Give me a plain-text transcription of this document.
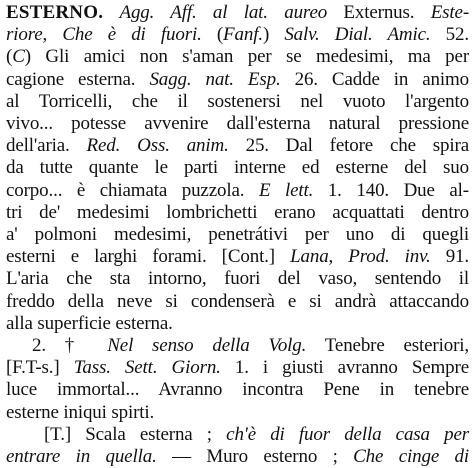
ESTERNO. Agg. Aff. al lat. aureo Externus. Este-
riore, Che è di fuori. (Fanf.) Salv. Dial. Amic. 52.
(C) Gli amici non s'aman per se medesimi, ma per
cagione esterna. Sagg. nat. Esp. 26. Cadde in animo
al Torricelli, che il sostenersi nel vuoto l'argento
vivo... potesse avvenire dall'esterna natural pressione
dell'aria. Red. Oss. anim. 25. Dal fetore che spira
da tutte quante le parti interne ed esterne del suo
corpo... è chiamata puzzola. E lett. 1. 140. Due al-
tri de' medesimi lombrichetti erano acquattati dentro
a' polmoni medesimi, penetrátivi per uno di quegli
esterni e larghi forami. [Cont.] Lana, Prod. inv. 91.
L'aria che sta intorno, fuori del vaso, sentendo il
freddo della neve si condenserà e si andrà attaccando
alla superficie esterna.
2. † Nel senso della Volg. Tenebre esteriori,
[F.T-s.] Tass. Sett. Giorn. 1. i giusti avranno Sempre
luce immortal... Avranno incontra Pene in tenebre
esterne iniqui spirti.
[T.] Scala esterna ; ch'è di fuor della casa per
entrare in quella. — Muro esterno ; Che cinge di
